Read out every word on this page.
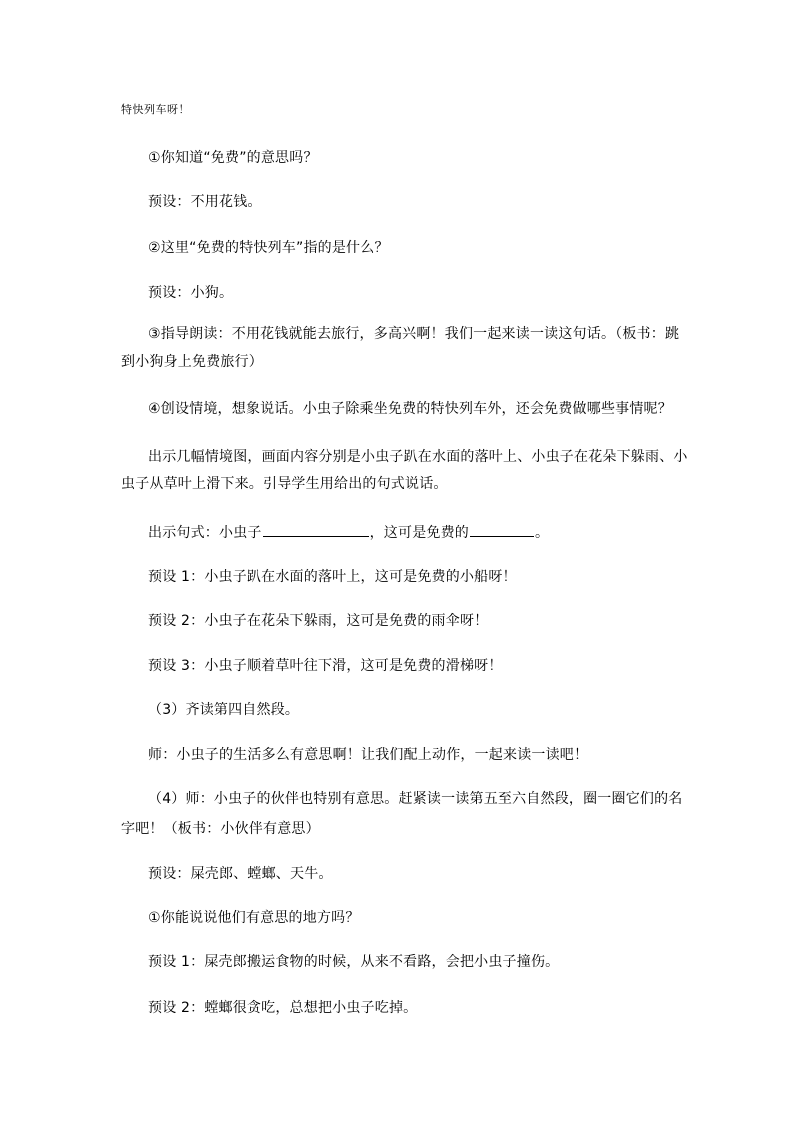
特快列车呀！
①你知道“免费”的意思吗？
预设：不用花钱。
②这里“免费的特快列车”指的是什么？
预设：小狗。
③指导朗读：不用花钱就能去旅行，多高兴啊！我们一起来读一读这句话。（板书：跳
到小狗身上免费旅行）
④创设情境，想象说话。小虫子除乘坐免费的特快列车外，还会免费做哪些事情呢？
出示几幅情境图，画面内容分别是小虫子趴在水面的落叶上、小虫子在花朵下躲雨、小
虫子从草叶上滑下来。引导学生用给出的句式说话。
出示句式：小虫子	，这可是免费的	。
预设 1：小虫子趴在水面的落叶上，这可是免费的小船呀！
预设 2：小虫子在花朵下躲雨，这可是免费的雨伞呀！
预设 3：小虫子顺着草叶往下滑，这可是免费的滑梯呀！
（3）齐读第四自然段。
师：小虫子的生活多么有意思啊！让我们配上动作，一起来读一读吧！
（4）师：小虫子的伙伴也特别有意思。赶紧读一读第五至六自然段，圈一圈它们的名
字吧！（板书：小伙伴有意思）
预设：屎壳郎、螳螂、天牛。
①你能说说他们有意思的地方吗？
预设 1：屎壳郎搬运食物的时候，从来不看路，会把小虫子撞伤。
预设 2：螳螂很贪吃，总想把小虫子吃掉。
